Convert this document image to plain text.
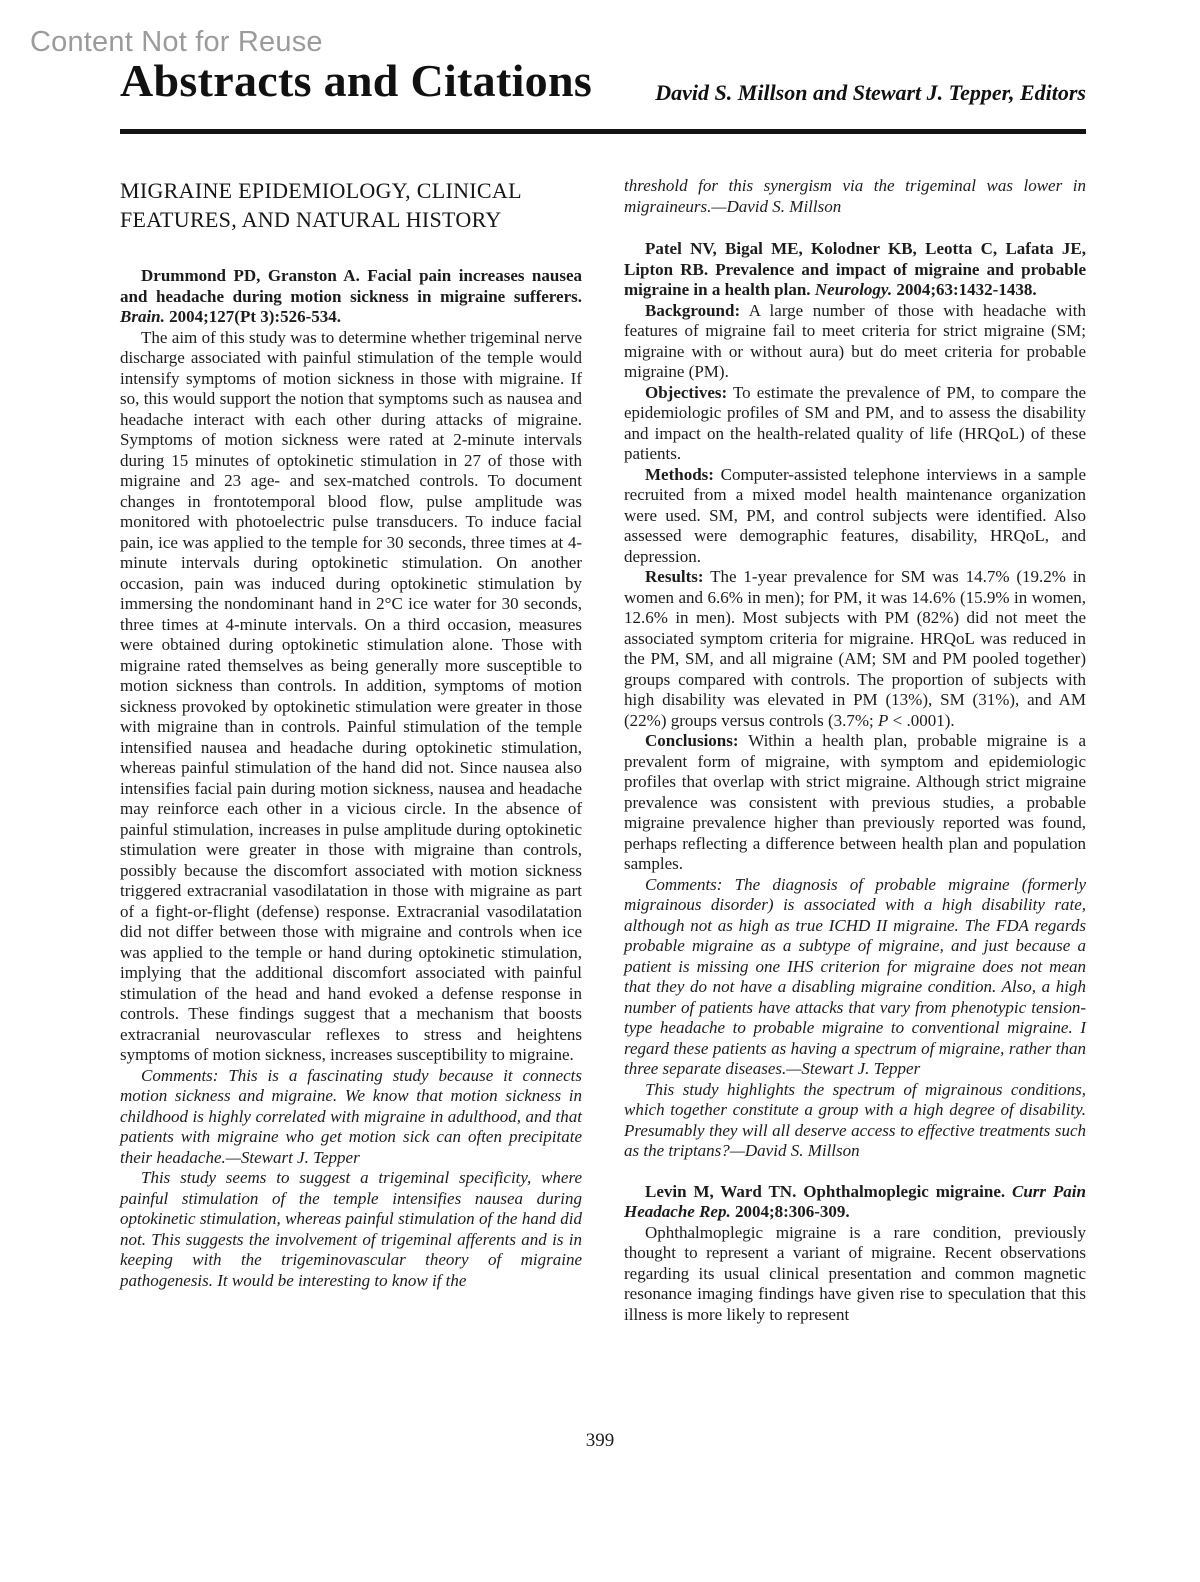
Content Not for Reuse
Abstracts and Citations	David S. Millson and Stewart J. Tepper, Editors
MIGRAINE EPIDEMIOLOGY, CLINICAL
FEATURES, AND NATURAL HISTORY

Drummond PD, Granston A. Facial pain increases nausea and headache during motion sickness in migraine sufferers. Brain. 2004;127(Pt 3):526-534.

The aim of this study was to determine whether trigeminal nerve discharge associated with painful stimulation of the temple would intensify symptoms of motion sickness in those with migraine. If so, this would support the notion that symptoms such as nausea and headache interact with each other during attacks of migraine. Symptoms of motion sickness were rated at 2-minute intervals during 15 minutes of optokinetic stimulation in 27 of those with migraine and 23 age- and sex-matched controls. To document changes in frontotemporal blood flow, pulse amplitude was monitored with photoelectric pulse transducers. To induce facial pain, ice was applied to the temple for 30 seconds, three times at 4-minute intervals during optokinetic stimulation. On another occasion, pain was induced during optokinetic stimulation by immersing the nondominant hand in 2°C ice water for 30 seconds, three times at 4-minute intervals. On a third occasion, measures were obtained during optokinetic stimulation alone. Those with migraine rated themselves as being generally more susceptible to motion sickness than controls. In addition, symptoms of motion sickness provoked by optokinetic stimulation were greater in those with migraine than in controls. Painful stimulation of the temple intensified nausea and headache during optokinetic stimulation, whereas painful stimulation of the hand did not. Since nausea also intensifies facial pain during motion sickness, nausea and headache may reinforce each other in a vicious circle. In the absence of painful stimulation, increases in pulse amplitude during optokinetic stimulation were greater in those with migraine than controls, possibly because the discomfort associated with motion sickness triggered extracranial vasodilatation in those with migraine as part of a fight-or-flight (defense) response. Extracranial vasodilatation did not differ between those with migraine and controls when ice was applied to the temple or hand during optokinetic stimulation, implying that the additional discomfort associated with painful stimulation of the head and hand evoked a defense response in controls. These findings suggest that a mechanism that boosts extracranial neurovascular reflexes to stress and heightens symptoms of motion sickness, increases susceptibility to migraine.

Comments: This is a fascinating study because it connects motion sickness and migraine. We know that motion sickness in childhood is highly correlated with migraine in adulthood, and that patients with migraine who get motion sick can often precipitate their headache.—Stewart J. Tepper

This study seems to suggest a trigeminal specificity, where painful stimulation of the temple intensifies nausea during optokinetic stimulation, whereas painful stimulation of the hand did not. This suggests the involvement of trigeminal afferents and is in keeping with the trigeminovascular theory of migraine pathogenesis. It would be interesting to know if the

threshold for this synergism via the trigeminal was lower in migraineurs.—David S. Millson

Patel NV, Bigal ME, Kolodner KB, Leotta C, Lafata JE, Lipton RB. Prevalence and impact of migraine and probable migraine in a health plan. Neurology. 2004;63:1432-1438.

Background: A large number of those with headache with features of migraine fail to meet criteria for strict migraine (SM; migraine with or without aura) but do meet criteria for probable migraine (PM).

Objectives: To estimate the prevalence of PM, to compare the epidemiologic profiles of SM and PM, and to assess the disability and impact on the health-related quality of life (HRQoL) of these patients.

Methods: Computer-assisted telephone interviews in a sample recruited from a mixed model health maintenance organization were used. SM, PM, and control subjects were identified. Also assessed were demographic features, disability, HRQoL, and depression.

Results: The 1-year prevalence for SM was 14.7% (19.2% in women and 6.6% in men); for PM, it was 14.6% (15.9% in women, 12.6% in men). Most subjects with PM (82%) did not meet the associated symptom criteria for migraine. HRQoL was reduced in the PM, SM, and all migraine (AM; SM and PM pooled together) groups compared with controls. The proportion of subjects with high disability was elevated in PM (13%), SM (31%), and AM (22%) groups versus controls (3.7%; P < .0001).

Conclusions: Within a health plan, probable migraine is a prevalent form of migraine, with symptom and epidemiologic profiles that overlap with strict migraine. Although strict migraine prevalence was consistent with previous studies, a probable migraine prevalence higher than previously reported was found, perhaps reflecting a difference between health plan and population samples.

Comments: The diagnosis of probable migraine (formerly migrainous disorder) is associated with a high disability rate, although not as high as true ICHD II migraine. The FDA regards probable migraine as a subtype of migraine, and just because a patient is missing one IHS criterion for migraine does not mean that they do not have a disabling migraine condition. Also, a high number of patients have attacks that vary from phenotypic tension-type headache to probable migraine to conventional migraine. I regard these patients as having a spectrum of migraine, rather than three separate diseases.—Stewart J. Tepper

This study highlights the spectrum of migrainous conditions, which together constitute a group with a high degree of disability. Presumably they will all deserve access to effective treatments such as the triptans?—David S. Millson

Levin M, Ward TN. Ophthalmoplegic migraine. Curr Pain Headache Rep. 2004;8:306-309.

Ophthalmoplegic migraine is a rare condition, previously thought to represent a variant of migraine. Recent observations regarding its usual clinical presentation and common magnetic resonance imaging findings have given rise to speculation that this illness is more likely to represent

399
